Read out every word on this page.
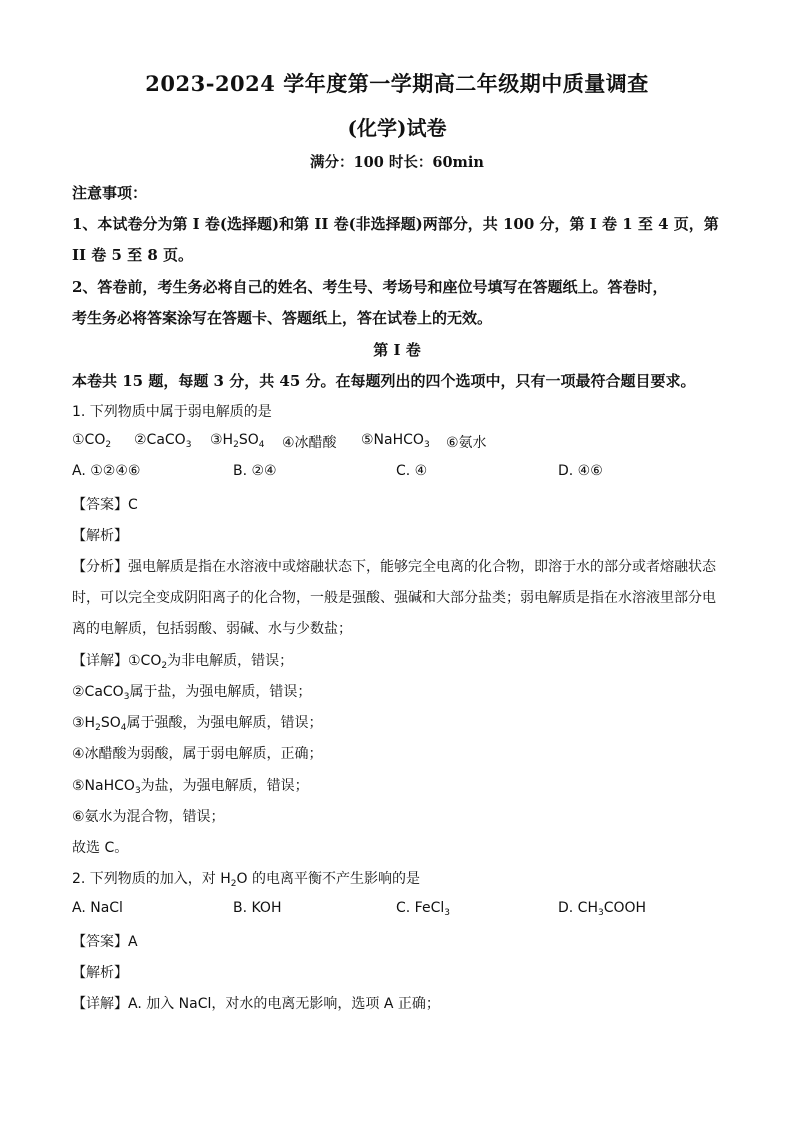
2023-2024 学年度第一学期高二年级期中质量调查
(化学)试卷
满分：100 时长：60min
注意事项：
1、本试卷分为第 I 卷(选择题)和第 II 卷(非选择题)两部分，共 100 分，第 I 卷 1 至 4 页，第
II 卷 5 至 8 页。
2、答卷前，考生务必将自己的姓名、考生号、考场号和座位号填写在答题纸上。答卷时，
考生务必将答案涂写在答题卡、答题纸上，答在试卷上的无效。
第 I 卷
本卷共 15 题，每题 3 分，共 45 分。在每题列出的四个选项中，只有一项最符合题目要求。
1. 下列物质中属于弱电解质的是
$①CO_2$ ②CaCO$_3$ $③H_2SO_4$ ④冰醋酸 ⑤NaHCO$_3$ ⑥氨水
A. ①②④⑥	B. ②④	C. ④	D. ④⑥
【答案】C
【解析】
【分析】强电解质是指在水溶液中或熔融状态下，能够完全电离的化合物，即溶于水的部分或者熔融状态
时，可以完全变成阴阳离子的化合物，一般是强酸、强碱和大部分盐类；弱电解质是指在水溶液里部分电
离的电解质，包括弱酸、弱碱、水与少数盐；
【详解】$①CO_2$为非电解质，错误；
②CaCO$_3$属于盐，为强电解质，错误；
$③H_2SO_4$属于强酸，为强电解质，错误；
④冰醋酸为弱酸，属于弱电解质，正确；
⑤NaHCO$_3$为盐，为强电解质，错误；
⑥氨水为混合物，错误；
故选 C。
2. 下列物质的加入，对 $H_2O$ 的电离平衡不产生影响的是
A. NaCl	B. KOH	C. FeCl$_3$	D. $CH_3COOH$
【答案】A
【解析】
【详解】A. 加入 NaCl，对水的电离无影响，选项 A 正确；
